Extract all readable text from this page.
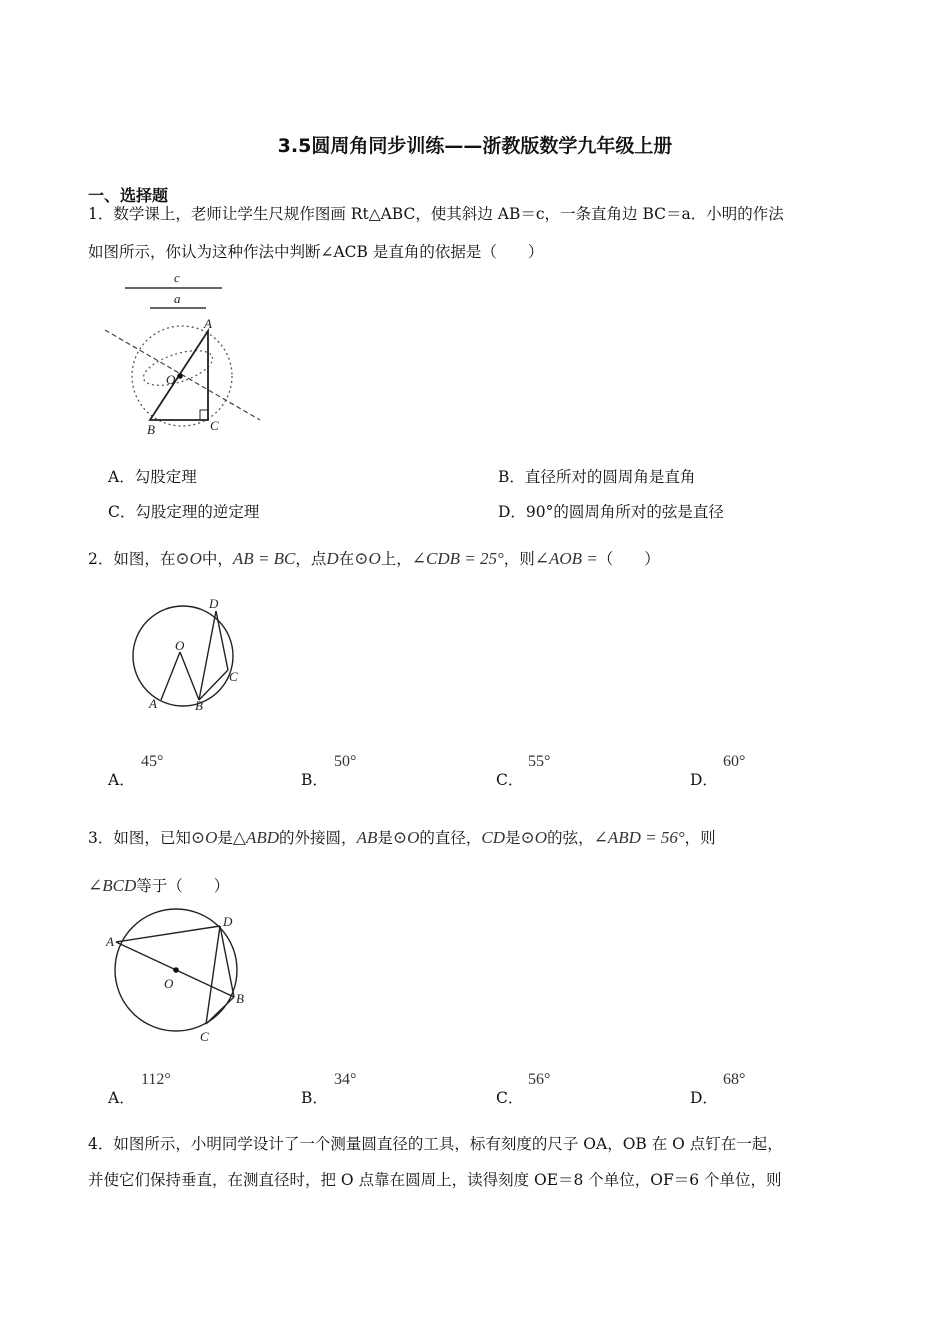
3.5圆周角同步训练——浙教版数学九年级上册
一、选择题
1．数学课上，老师让学生尺规作图画 Rt△ABC，使其斜边 AB＝c，一条直角边 BC＝a．小明的作法
如图所示，你认为这种作法中判断∠ACB 是直角的依据是（　　）
c
a
A
O
B	C
A．勾股定理	B．直径所对的圆周角是直角
C．勾股定理的逆定理	D．90°的圆周角所对的弦是直径
2．如图，在⊙O中，AB = BC，点D在⊙O上，∠CDB = 25°，则∠AOB =（　　）
D
O
C
A	B
A．
45°
B．
50°
C．
55°
D．
60°
3．如图，已知⊙O是△ABD的外接圆，AB是⊙O的直径，CD是⊙O的弦，∠ABD = 56°，则
∠BCD等于（　　）
A
D
O
B
C
A．
112°
B．
34°
C．
56°
D．
68°
4．如图所示，小明同学设计了一个测量圆直径的工具，标有刻度的尺子 OA，OB 在 O 点钉在一起，
并使它们保持垂直，在测直径时，把 O 点靠在圆周上，读得刻度 OE＝8 个单位，OF＝6 个单位，则
